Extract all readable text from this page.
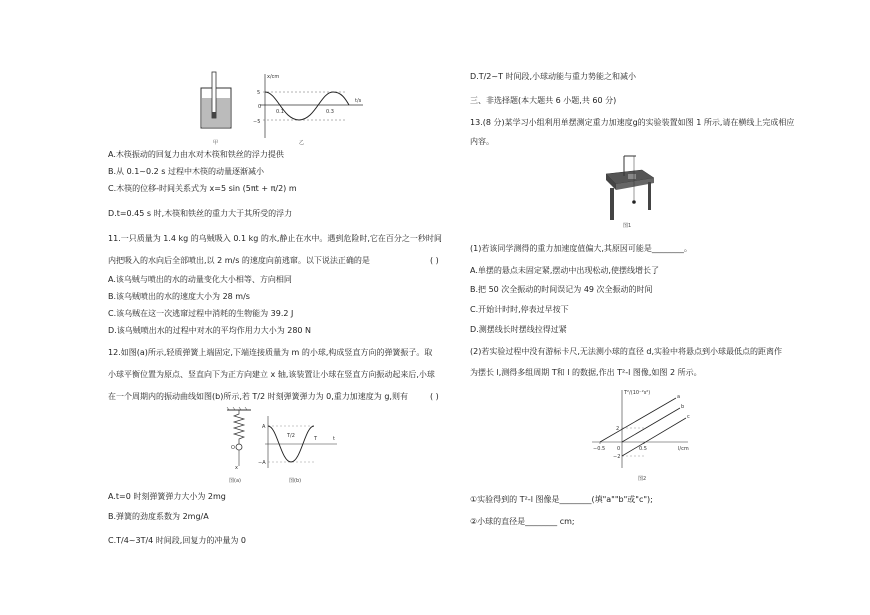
甲
x/cm
t/s
5
0
−5
0.1	0.3
乙
A.木筷振动的回复力由水对木筷和铁丝的浮力提供
B.从 0.1~0.2 s 过程中木筷的动量逐渐减小
C.木筷的位移-时间关系式为 x=5 sin (5πt + π/2) m
D.t=0.45 s 时,木筷和铁丝的重力大于其所受的浮力
11.一只质量为 1.4 kg 的乌贼吸入 0.1 kg 的水,静止在水中。遇到危险时,它在百分之一秒时间
内把吸入的水向后全部喷出,以 2 m/s 的速度向前逃窜。以下说法正确的是	( )
A.该乌贼与喷出的水的动量变化大小相等、方向相同
B.该乌贼喷出的水的速度大小为 28 m/s
C.该乌贼在这一次逃窜过程中消耗的生物能为 39.2 J
D.该乌贼喷出水的过程中对水的平均作用力大小为 280 N
12.如图(a)所示,轻质弹簧上端固定,下端连接质量为 m 的小球,构成竖直方向的弹簧振子。取
小球平衡位置为原点、竖直向下为正方向建立 x 轴,该装置让小球在竖直方向振动起来后,小球
在一个周期内的振动曲线如图(b)所示,若 T/2 时刻弹簧弹力为 0,重力加速度为 g,则有	( )
O
x
A
−A
T/2	T	t
图(a)	图(b)
A.t=0 时刻弹簧弹力大小为 2mg
B.弹簧的劲度系数为 2mg/A
C.T/4~3T/4 时间段,回复力的冲量为 0
D.T/2~T 时间段,小球动能与重力势能之和减小
三、非选择题(本大题共 6 小题,共 60 分)
13.(8 分)某学习小组利用单摆测定重力加速度g的实验装置如图 1 所示,请在横线上完成相应
内容。
图1
(1)若该同学测得的重力加速度值偏大,其原因可能是________。
A.单摆的悬点未固定紧,摆动中出现松动,使摆线增长了
B.把 50 次全振动的时间误记为 49 次全振动的时间
C.开始计时时,停表过早按下
D.测摆线长时摆线拉得过紧
(2)若实验过程中没有游标卡尺,无法测小球的直径 d,实验中将悬点到小球最低点的距离作
为摆长 l,测得多组周期 T和 l 的数据,作出 T²-l 图像,如图 2 所示。
T²/(10⁻²s²)
l/cm
2
−2
−0.5 0	0.5
a
b
c
图2
①实验得到的 T²-l 图像是________(填"a""b"或"c");
②小球的直径是________ cm;
